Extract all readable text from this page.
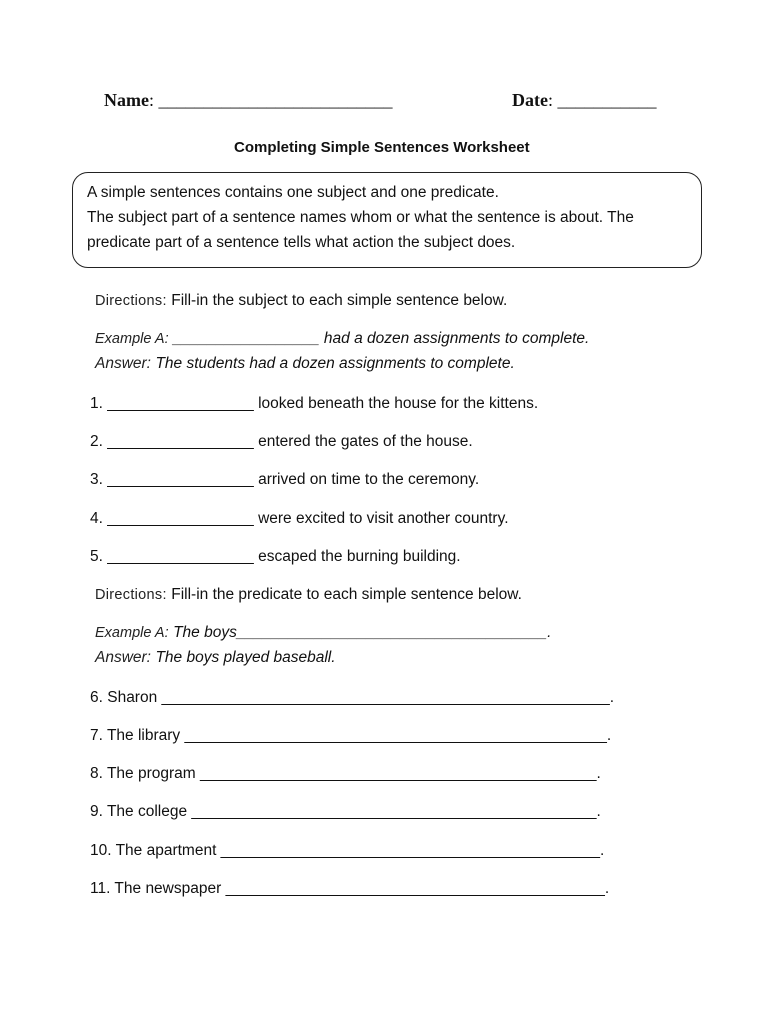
Name: __________________________	Date: ___________
Completing Simple Sentences Worksheet
A simple sentences contains one subject and one predicate.
The subject part of a sentence names whom or what the sentence is about. The
predicate part of a sentence tells what action the subject does.
Directions: Fill-in the subject to each simple sentence below.
Example A: _________________ had a dozen assignments to complete.
Answer: The students had a dozen assignments to complete.
1. _________________ looked beneath the house for the kittens.
2. _________________ entered the gates of the house.
3. _________________ arrived on time to the ceremony.
4. _________________ were excited to visit another country.
5. _________________ escaped the burning building.
Directions: Fill-in the predicate to each simple sentence below.
Example A: The boys____________________________________.
Answer: The boys played baseball.
6. Sharon ____________________________________________________.
7. The library _________________________________________________.
8. The program ______________________________________________.
9. The college _______________________________________________.
10. The apartment ____________________________________________.
11. The newspaper ____________________________________________.
